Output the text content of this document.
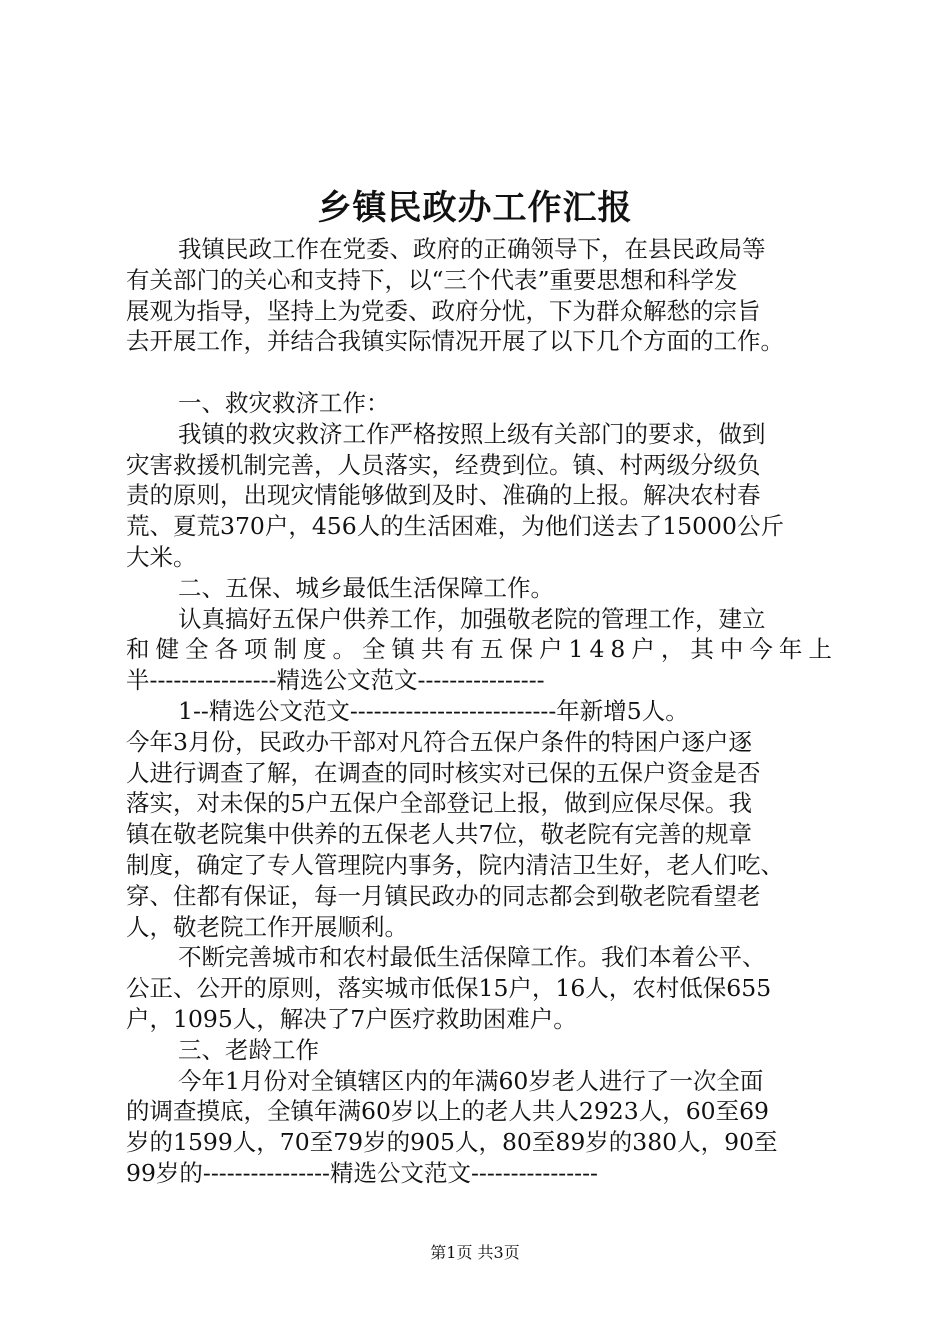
乡镇民政办工作汇报
我镇民政工作在党委、政府的正确领导下，在县民政局等
有关部门的关心和支持下，以“三个代表”重要思想和科学发
展观为指导，坚持上为党委、政府分忧，下为群众解愁的宗旨
去开展工作，并结合我镇实际情况开展了以下几个方面的工作。
一、救灾救济工作：
我镇的救灾救济工作严格按照上级有关部门的要求，做到
灾害救援机制完善，人员落实，经费到位。镇、村两级分级负
责的原则，出现灾情能够做到及时、准确的上报。解决农村春
荒、夏荒370户，456人的生活困难，为他们送去了15000公斤
大米。
二、五保、城乡最低生活保障工作。
认真搞好五保户供养工作，加强敬老院的管理工作，建立
和健全各项制度。全镇共有五保户148户，其中今年上
半----------------精选公文范文----------------
1--精选公文范文--------------------------年新增5人。
今年3月份，民政办干部对凡符合五保户条件的特困户逐户逐
人进行调查了解，在调查的同时核实对已保的五保户资金是否
落实，对未保的5户五保户全部登记上报，做到应保尽保。我
镇在敬老院集中供养的五保老人共7位，敬老院有完善的规章
制度，确定了专人管理院内事务，院内清洁卫生好，老人们吃、
穿、住都有保证，每一月镇民政办的同志都会到敬老院看望老
人，敬老院工作开展顺利。
不断完善城市和农村最低生活保障工作。我们本着公平、
公正、公开的原则，落实城市低保15户，16人，农村低保655
户，1095人，解决了7户医疗救助困难户。
三、老龄工作
今年1月份对全镇辖区内的年满60岁老人进行了一次全面
的调查摸底，全镇年满60岁以上的老人共人2923人，60至69
岁的1599人，70至79岁的905人，80至89岁的380人，90至
99岁的----------------精选公文范文----------------
第1页 共3页
